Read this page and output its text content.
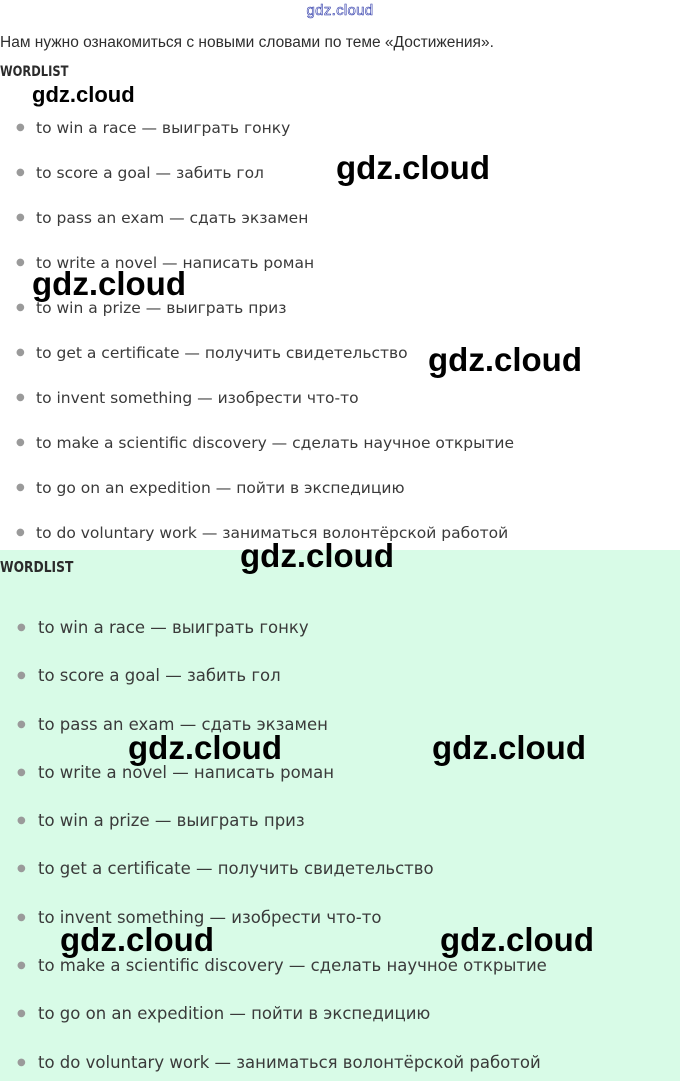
gdz.cloud

Нам нужно ознакомиться с новыми словами по теме «Достижения».

WORDLIST
● to win a race — выиграть гонку
● to score a goal — забить гол
● to pass an exam — сдать экзамен
● to write a novel — написать роман
● to win a prize — выиграть приз
● to get a certificate — получить свидетельство
● to invent something — изобрести что-то
● to make a scientific discovery — сделать научное открытие
● to go on an expedition — пойти в экспедицию
● to do voluntary work — заниматься волонтёрской работой
WORDLIST
● to win a race — выиграть гонку
● to score a goal — забить гол
● to pass an exam — сдать экзамен
● to write a novel — написать роман
● to win a prize — выиграть приз
● to get a certificate — получить свидетельство
● to invent something — изобрести что-то
● to make a scientific discovery — сделать научное открытие
● to go on an expedition — пойти в экспедицию
● to do voluntary work — заниматься волонтёрской работой
gdz.cloud
gdz.cloud
gdz.cloud
gdz.cloud
gdz.cloud
gdz.cloud	gdz.cloud
gdz.cloud	gdz.cloud
